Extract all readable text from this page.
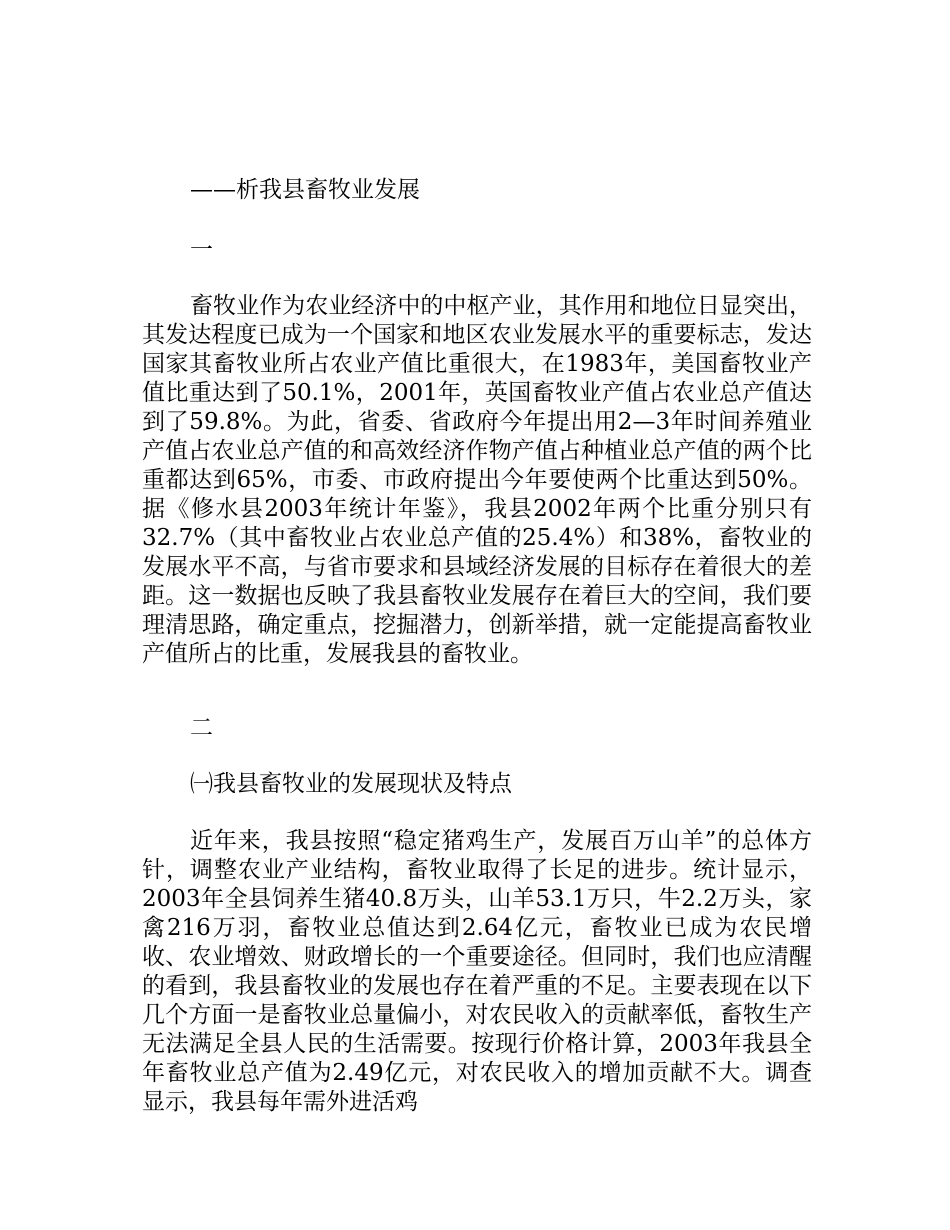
——析我县畜牧业发展
一

畜牧业作为农业经济中的中枢产业，其作用和地位日显突出，其发达程度已成为一个国家和地区农业发展水平的重要标志，发达国家其畜牧业所占农业产值比重很大，在1983年，美国畜牧业产值比重达到了50.1%，2001年，英国畜牧业产值占农业总产值达到了59.8%。为此，省委、省政府今年提出用2—3年时间养殖业产值占农业总产值的和高效经济作物产值占种植业总产值的两个比重都达到65%，市委、市政府提出今年要使两个比重达到50%。据《修水县2003年统计年鉴》，我县2002年两个比重分别只有32.7%（其中畜牧业占农业总产值的25.4%）和38%，畜牧业的发展水平不高，与省市要求和县域经济发展的目标存在着很大的差距。这一数据也反映了我县畜牧业发展存在着巨大的空间，我们要理清思路，确定重点，挖掘潜力，创新举措，就一定能提高畜牧业产值所占的比重，发展我县的畜牧业。

二
㈠我县畜牧业的发展现状及特点

近年来，我县按照“稳定猪鸡生产，发展百万山羊”的总体方针，调整农业产业结构，畜牧业取得了长足的进步。统计显示，2003年全县饲养生猪40.8万头，山羊53.1万只，牛2.2万头，家禽216万羽，畜牧业总值达到2.64亿元，畜牧业已成为农民增收、农业增效、财政增长的一个重要途径。但同时，我们也应清醒的看到，我县畜牧业的发展也存在着严重的不足。主要表现在以下几个方面一是畜牧业总量偏小，对农民收入的贡献率低，畜牧生产无法满足全县人民的生活需要。按现行价格计算，2003年我县全年畜牧业总产值为2.49亿元，对农民收入的增加贡献不大。调查显示，我县每年需外进活鸡
